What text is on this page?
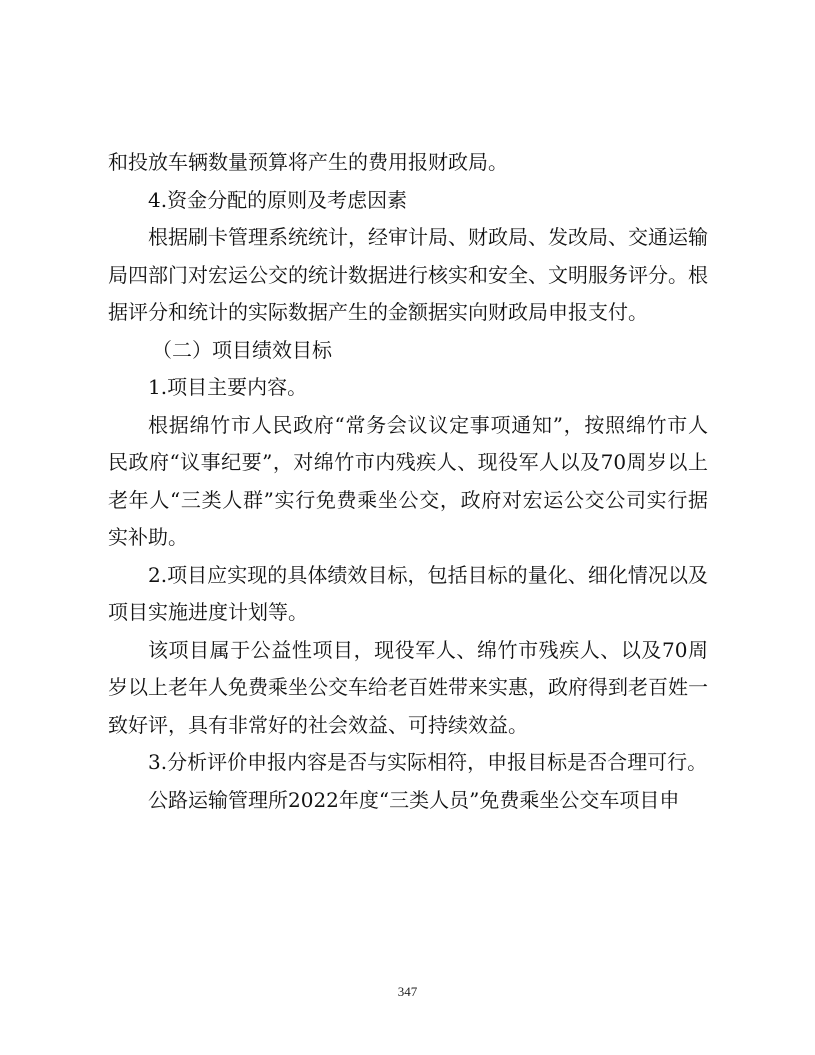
和投放车辆数量预算将产生的费用报财政局。

4.资金分配的原则及考虑因素

根据刷卡管理系统统计，经审计局、财政局、发改局、交通运输局四部门对宏运公交的统计数据进行核实和安全、文明服务评分。根据评分和统计的实际数据产生的金额据实向财政局申报支付。

（二）项目绩效目标

1.项目主要内容。

根据绵竹市人民政府“常务会议议定事项通知”，按照绵竹市人民政府“议事纪要”，对绵竹市内残疾人、现役军人以及70周岁以上老年人“三类人群”实行免费乘坐公交，政府对宏运公交公司实行据实补助。

2.项目应实现的具体绩效目标，包括目标的量化、细化情况以及项目实施进度计划等。

该项目属于公益性项目，现役军人、绵竹市残疾人、以及70周岁以上老年人免费乘坐公交车给老百姓带来实惠，政府得到老百姓一致好评，具有非常好的社会效益、可持续效益。

3.分析评价申报内容是否与实际相符，申报目标是否合理可行。

公路运输管理所2022年度“三类人员”免费乘坐公交车项目申

347
